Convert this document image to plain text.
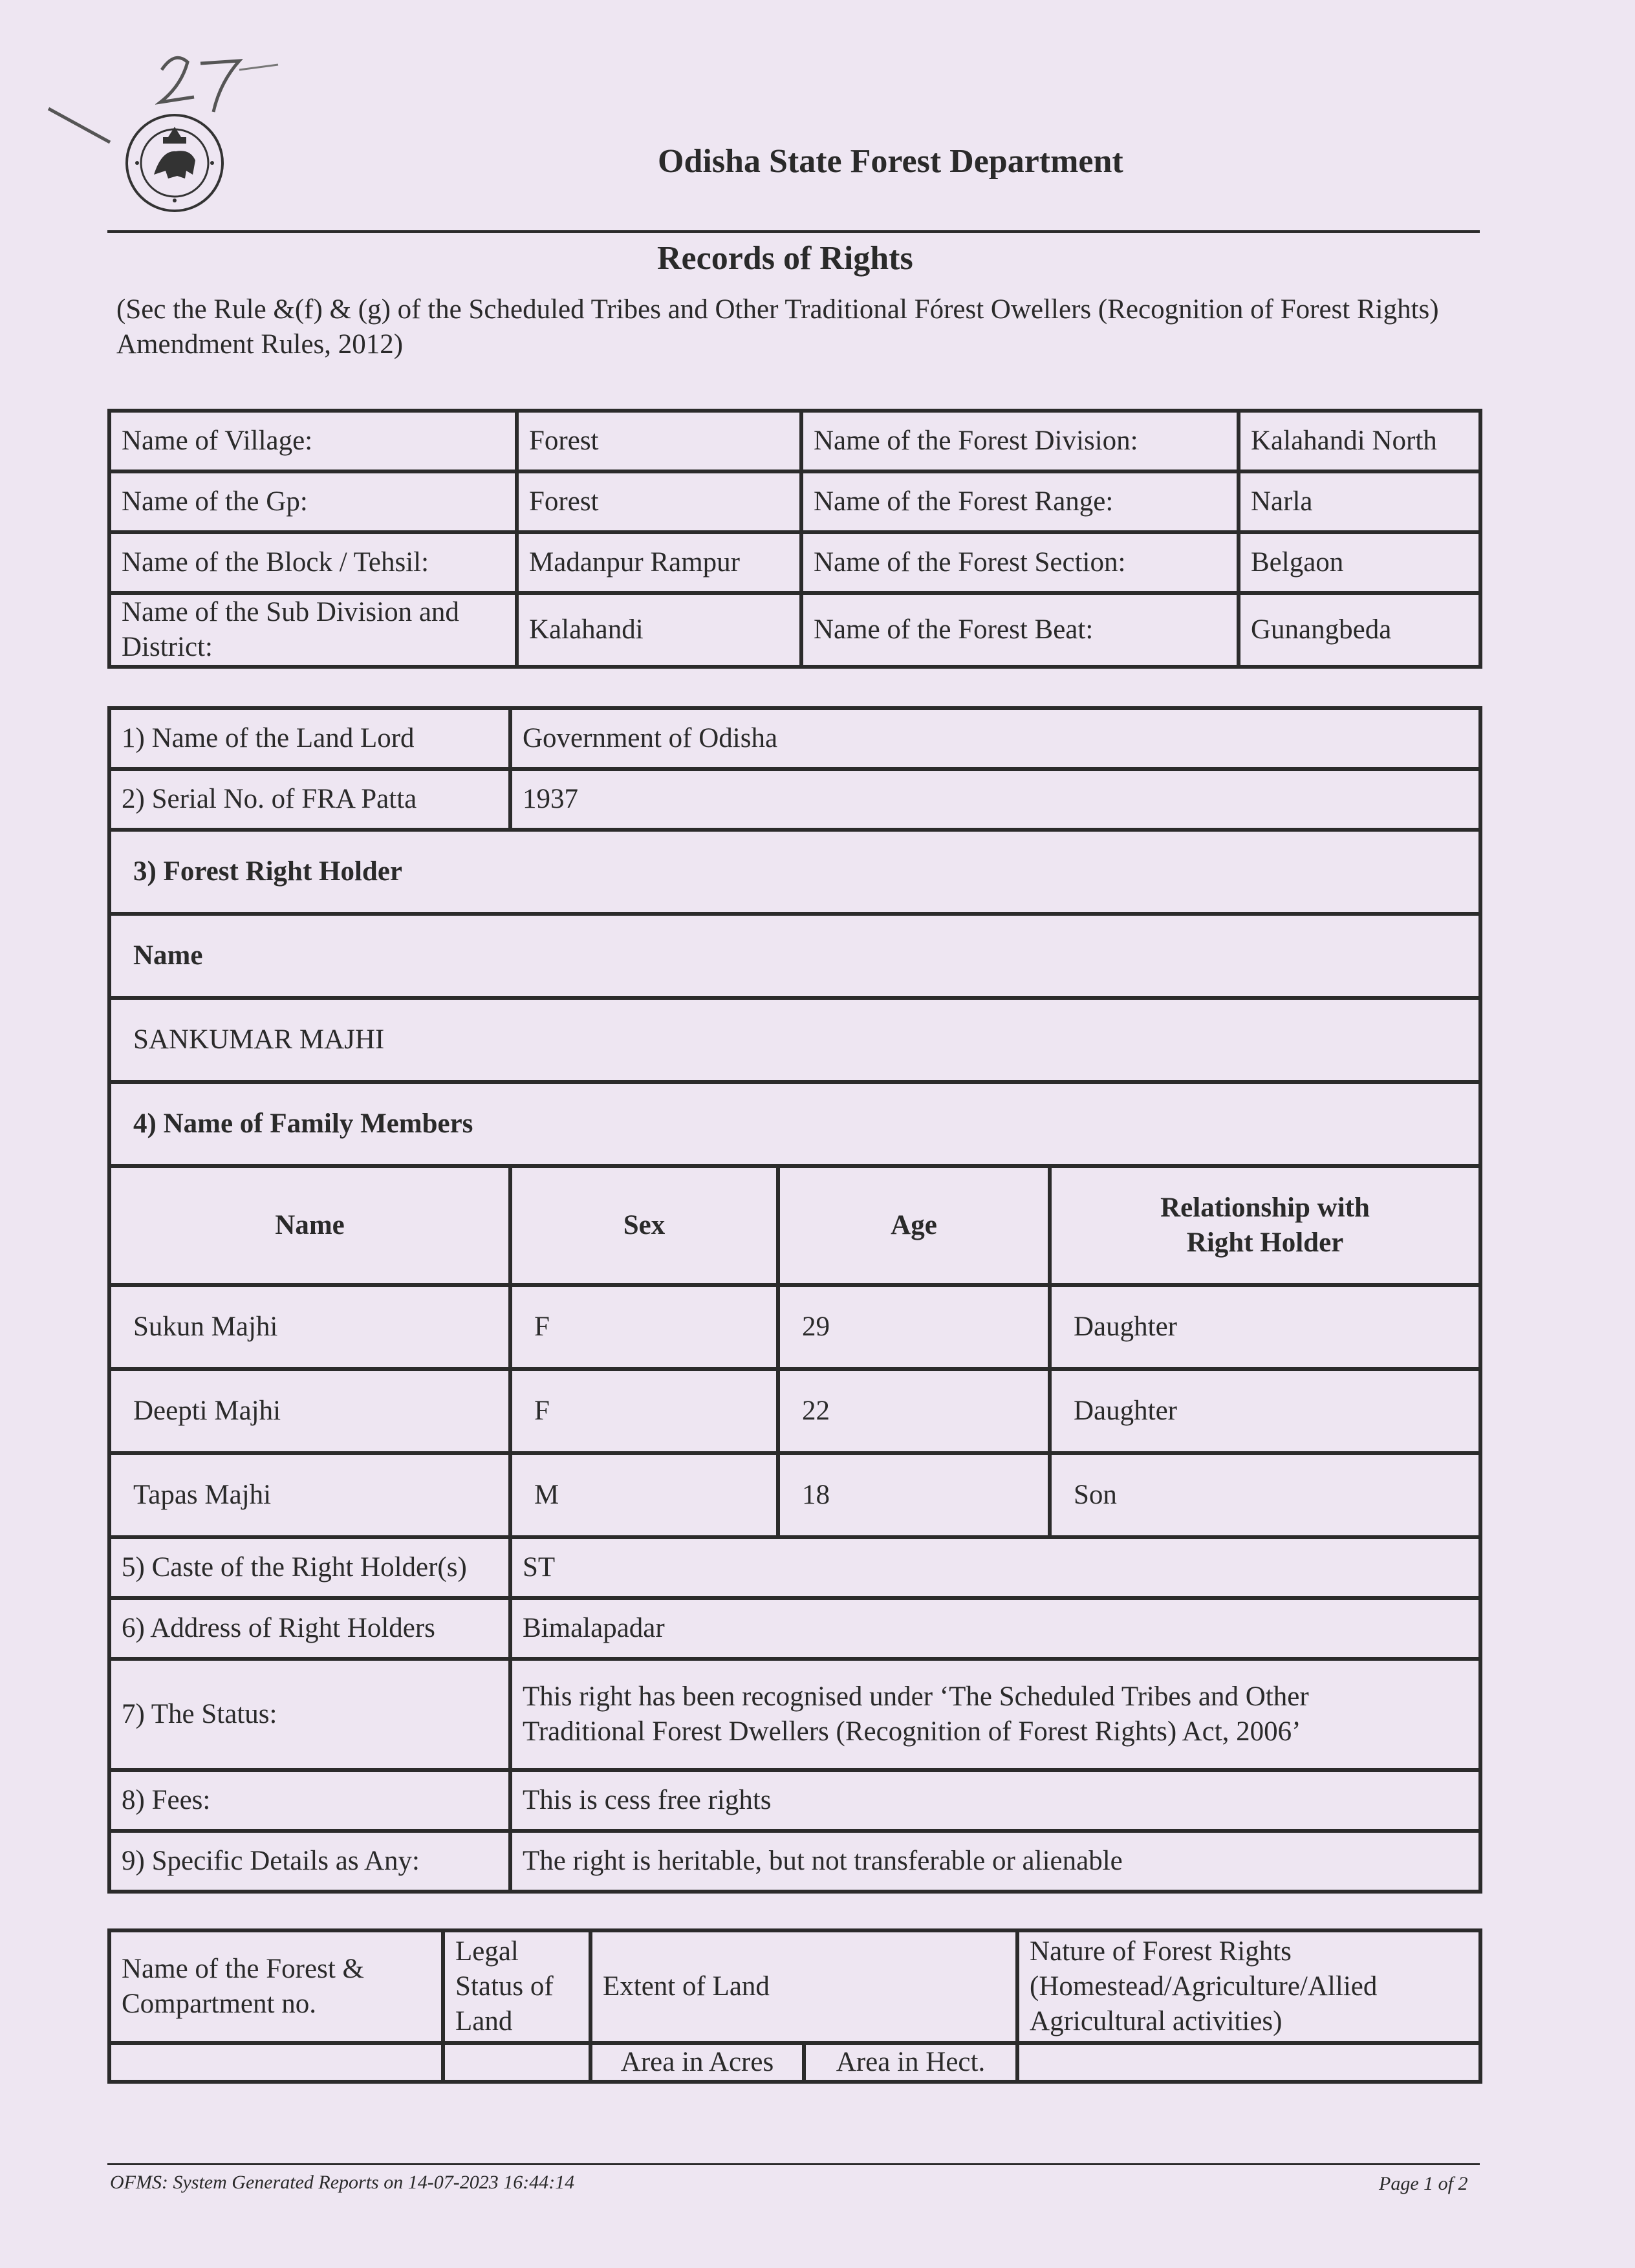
Odisha State Forest Department
Records of Rights
(Sec the Rule &(f) & (g) of the Scheduled Tribes and Other Traditional Fórest Owellers (Recognition of Forest Rights) Amendment Rules, 2012)
Name of Village:	Forest	Name of the Forest Division:	Kalahandi North
Name of the Gp:	Forest	Name of the Forest Range:	Narla
Name of the Block / Tehsil:	Madanpur Rampur	Name of the Forest Section:	Belgaon
Name of the Sub Division and District:	Kalahandi	Name of the Forest Beat:	Gunangbeda
1) Name of the Land Lord	Government of Odisha		
2) Serial No. of FRA Patta	1937		
3) Forest Right Holder			
Name			
SANKUMAR MAJHI			
4) Name of Family Members			
Name	Sex	Age	Relationship with Right Holder
Sukun Majhi	F	29	Daughter
Deepti Majhi	F	22	Daughter
Tapas Majhi	M	18	Son
5) Caste of the Right Holder(s)	ST		
6) Address of Right Holders	Bimalapadar		
7) The Status:	This right has been recognised under ‘The Scheduled Tribes and Other Traditional Forest Dwellers (Recognition of Forest Rights) Act, 2006’		
8) Fees:	This is cess free rights		
9) Specific Details as Any:	The right is heritable, but not transferable or alienable		
Name of the Forest & Compartment no.	Legal Status of Land	Extent of Land		Nature of Forest Rights (Homestead/Agriculture/Allied Agricultural activities)
		Area in Acres	Area in Hect.	
OFMS: System Generated Reports on 14-07-2023 16:44:14	Page 1 of 2
